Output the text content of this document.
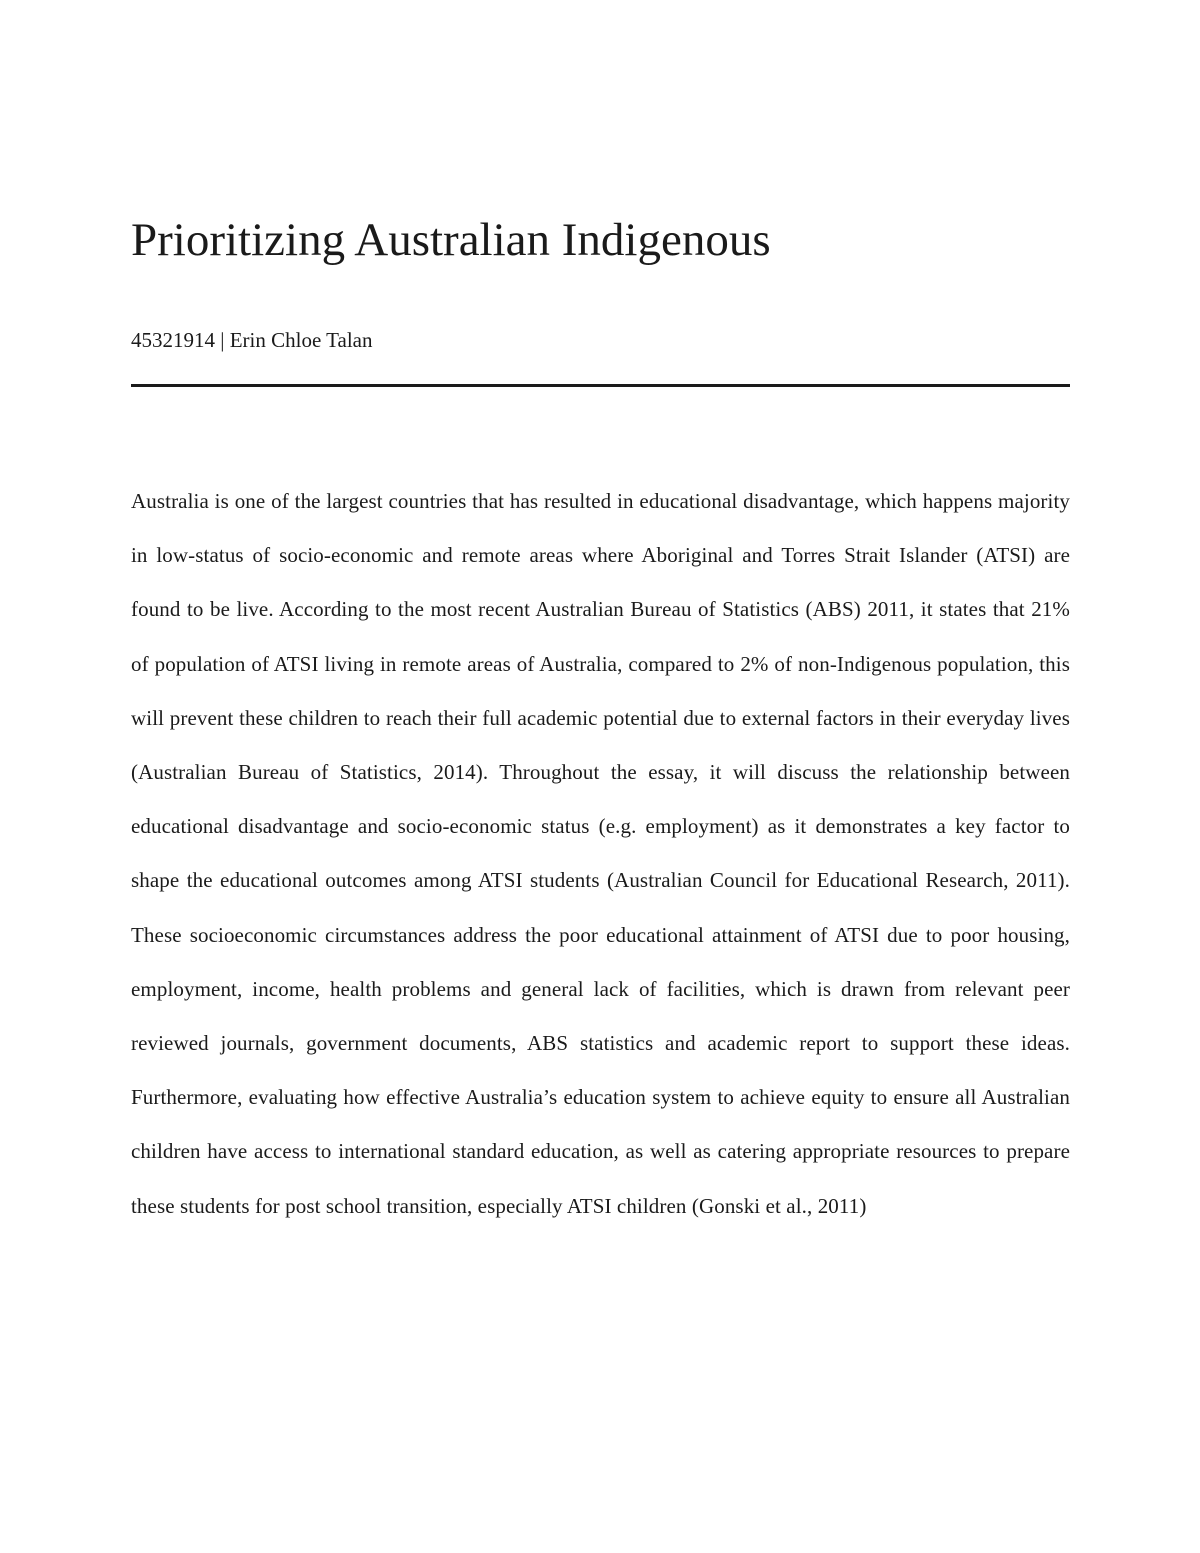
Prioritizing Australian Indigenous

45321914 | Erin Chloe Talan

Australia is one of the largest countries that has resulted in educational disadvantage, which happens majority in low-status of socio-economic and remote areas where Aboriginal and Torres Strait Islander (ATSI) are found to be live. According to the most recent Australian Bureau of Statistics (ABS) 2011, it states that 21% of population of ATSI living in remote areas of Australia, compared to 2% of non-Indigenous population, this will prevent these children to reach their full academic potential due to external factors in their everyday lives (Australian Bureau of Statistics, 2014). Throughout the essay, it will discuss the relationship between educational disadvantage and socio-economic status (e.g. employment) as it demonstrates a key factor to shape the educational outcomes among ATSI students (Australian Council for Educational Research, 2011). These socioeconomic circumstances address the poor educational attainment of ATSI due to poor housing, employment, income, health problems and general lack of facilities, which is drawn from relevant peer reviewed journals, government documents, ABS statistics and academic report to support these ideas. Furthermore, evaluating how effective Australia’s education system to achieve equity to ensure all Australian children have access to international standard education, as well as catering appropriate resources to prepare these students for post school transition, especially ATSI children (Gonski et al., 2011)
